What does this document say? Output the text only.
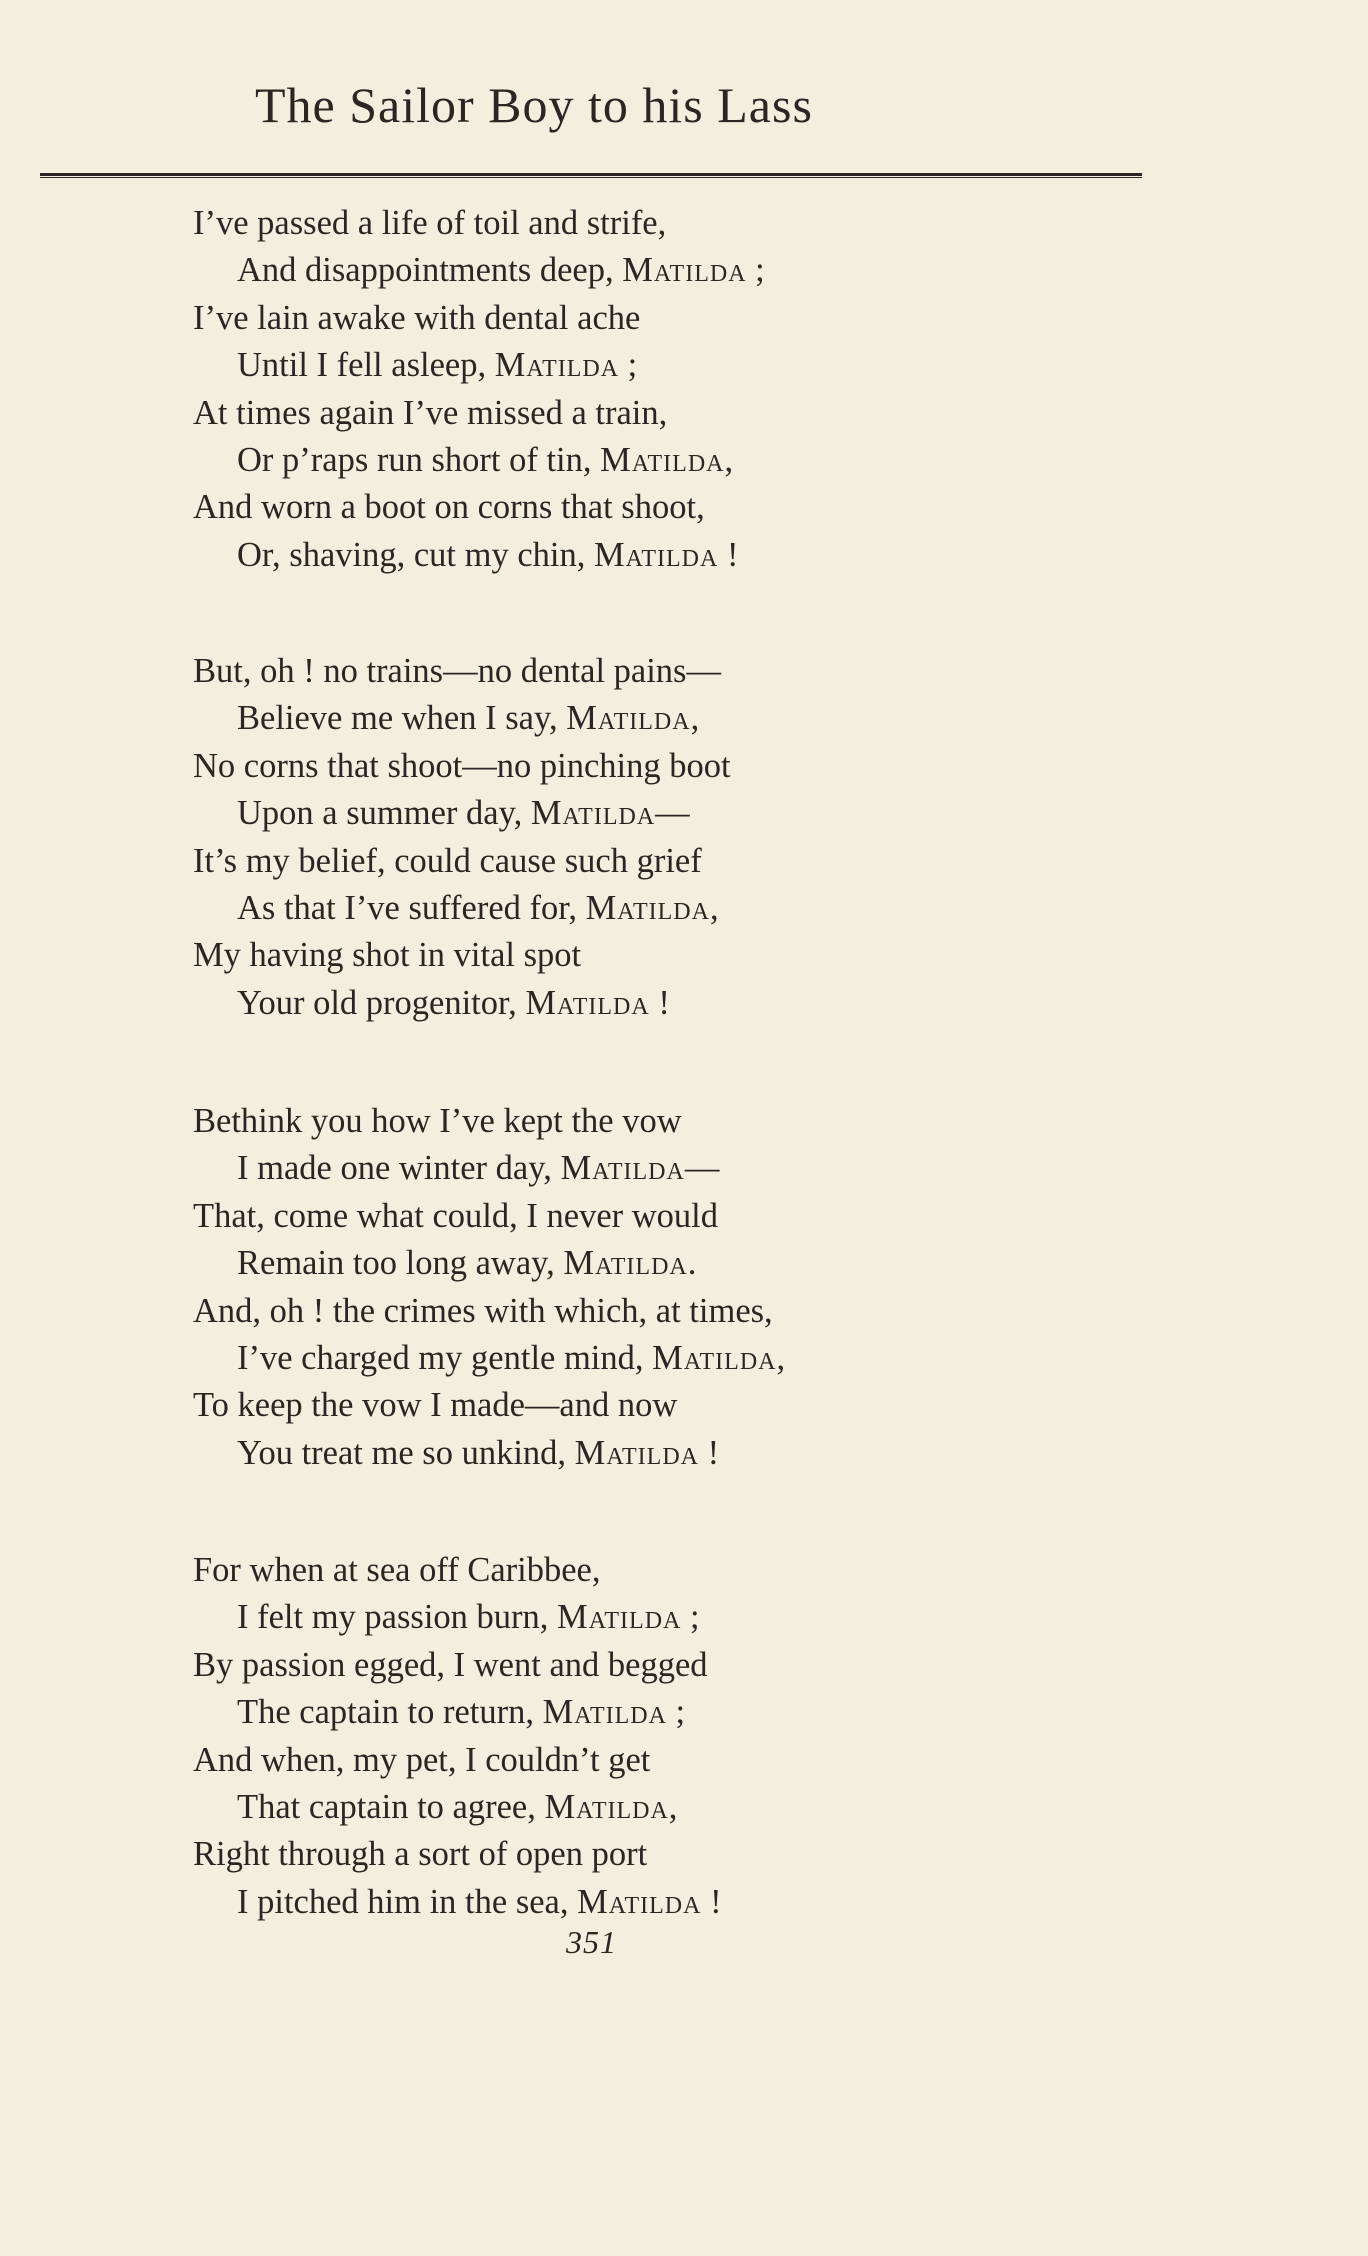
The Sailor Boy to his Lass
I’ve passed a life of toil and strife,
And disappointments deep, Matilda ;
I’ve lain awake with dental ache
Until I fell asleep, Matilda ;
At times again I’ve missed a train,
Or p’raps run short of tin, Matilda,
And worn a boot on corns that shoot,
Or, shaving, cut my chin, Matilda !
But, oh ! no trains—no dental pains—
Believe me when I say, Matilda,
No corns that shoot—no pinching boot
Upon a summer day, Matilda—
It’s my belief, could cause such grief
As that I’ve suffered for, Matilda,
My having shot in vital spot
Your old progenitor, Matilda !
Bethink you how I’ve kept the vow
I made one winter day, Matilda—
That, come what could, I never would
Remain too long away, Matilda.
And, oh ! the crimes with which, at times,
I’ve charged my gentle mind, Matilda,
To keep the vow I made—and now
You treat me so unkind, Matilda !
For when at sea off Caribbee,
I felt my passion burn, Matilda ;
By passion egged, I went and begged
The captain to return, Matilda ;
And when, my pet, I couldn’t get
That captain to agree, Matilda,
Right through a sort of open port
I pitched him in the sea, Matilda !
351
